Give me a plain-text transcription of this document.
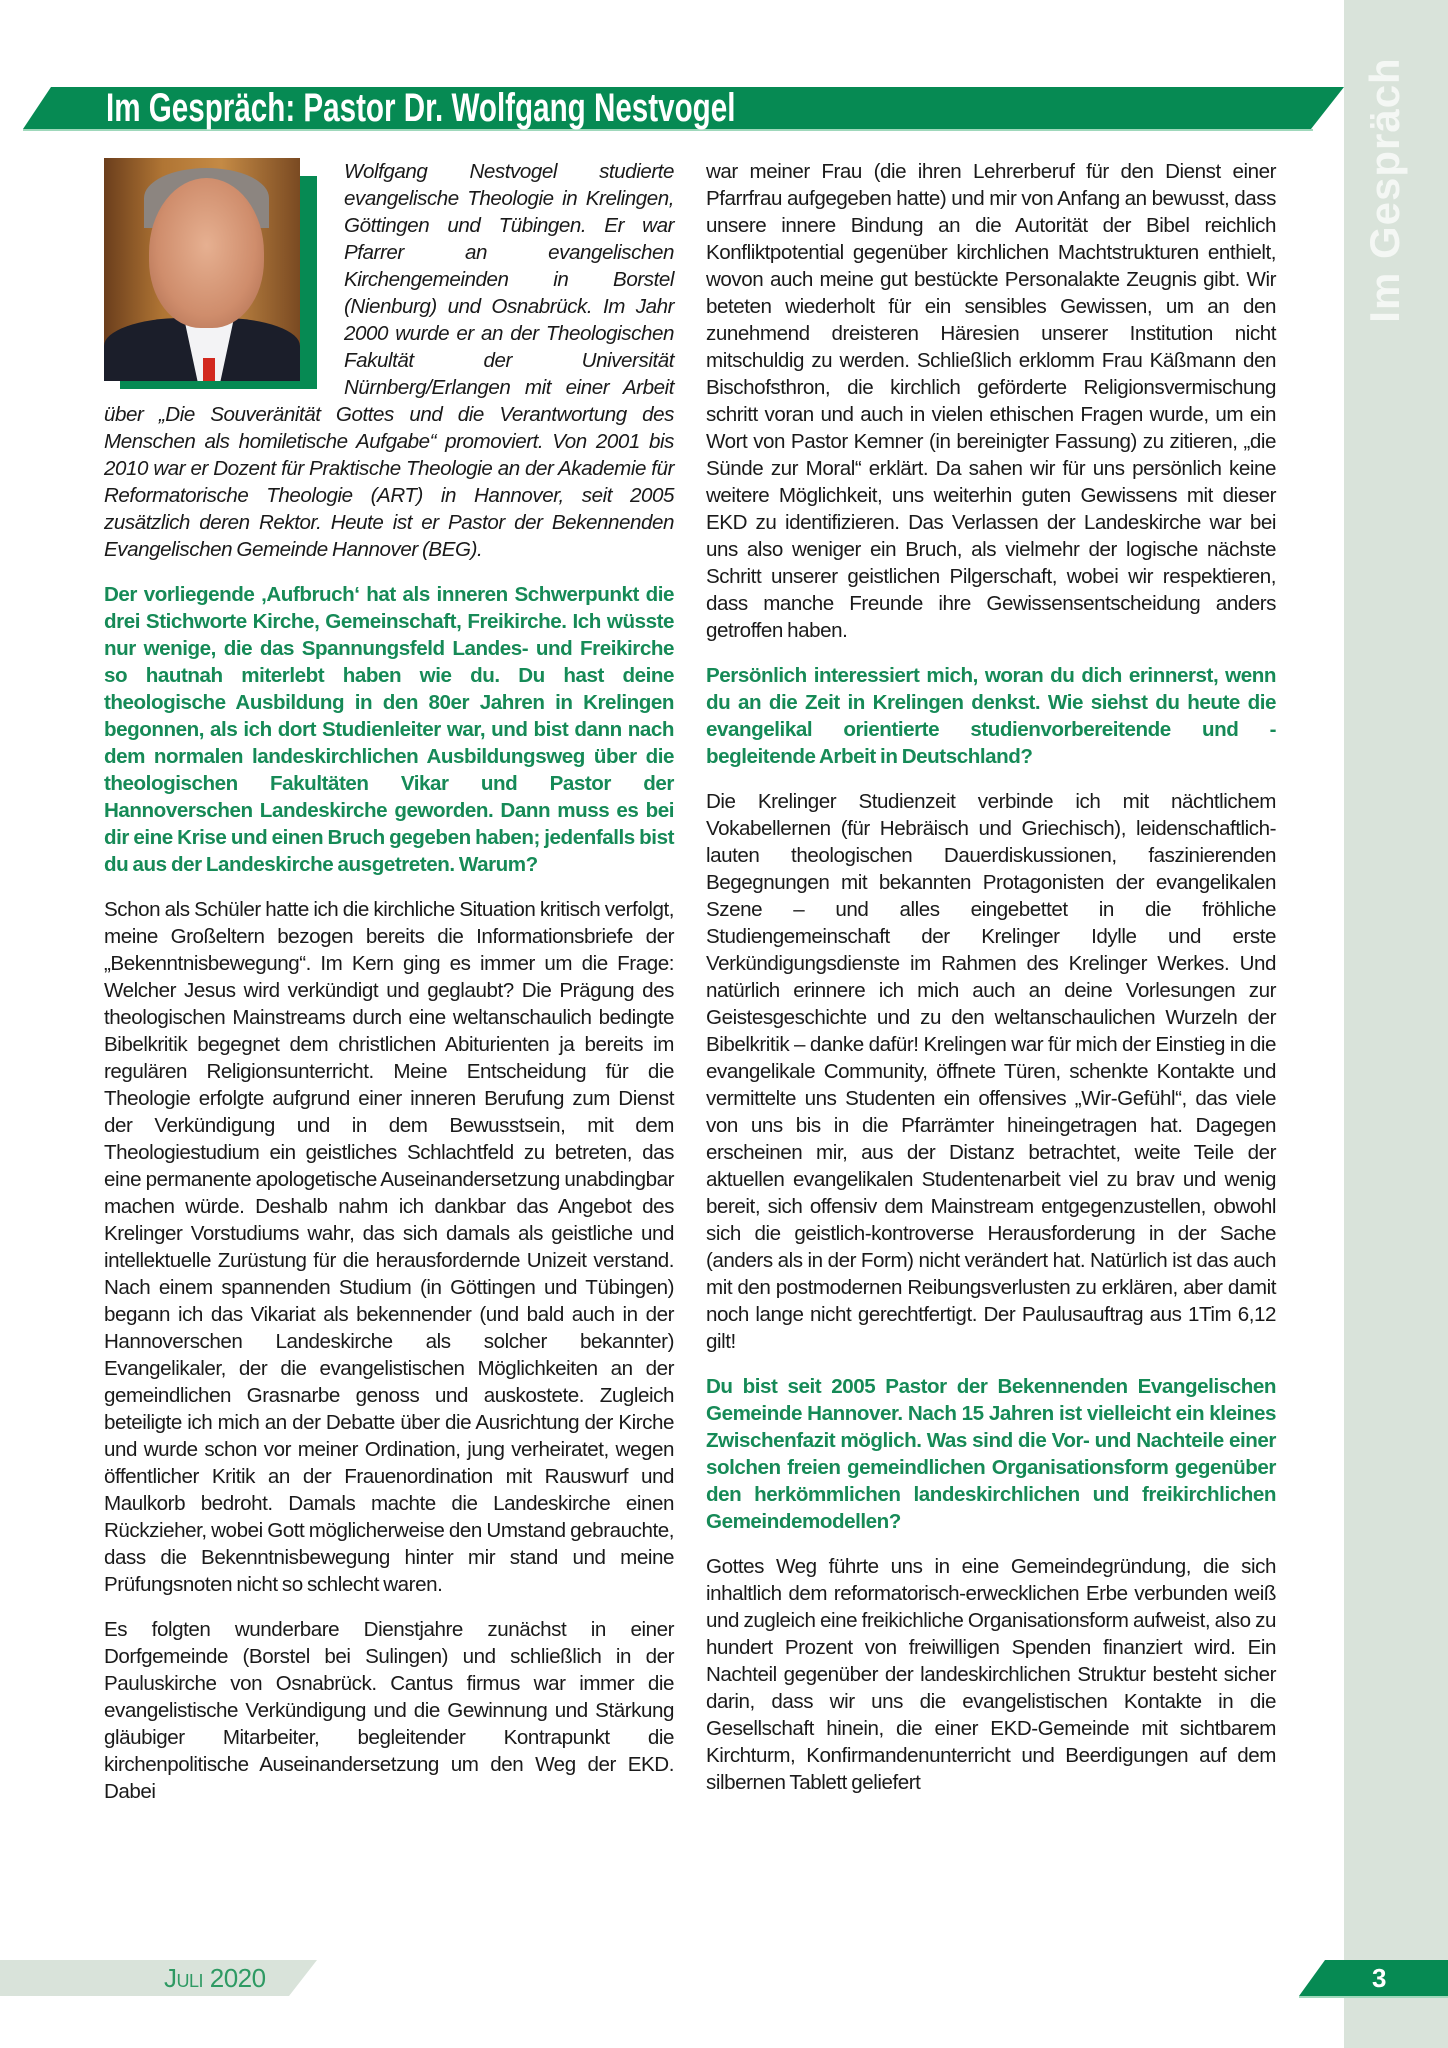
Im Gespräch
Im Gespräch: Pastor Dr. Wolfgang Nestvogel

Wolfgang Nestvogel studierte evangelische Theologie in Krelingen, Göttingen und Tübingen. Er war Pfarrer an evangelischen Kirchengemeinden in Borstel (Nienburg) und Osnabrück. Im Jahr 2000 wurde er an der Theologischen Fakultät der Universität Nürnberg/Erlangen mit einer Arbeit über „Die Souveränität Gottes und die Verantwortung des Menschen als homiletische Aufgabe“ promoviert. Von 2001 bis 2010 war er Dozent für Praktische Theologie an der Akademie für Reformatorische Theologie (ART) in Hannover, seit 2005 zusätzlich deren Rektor. Heute ist er Pastor der Bekennenden Evangelischen Gemeinde Hannover (BEG).

Der vorliegende ‚Aufbruch‘ hat als inneren Schwerpunkt die drei Stichworte Kirche, Gemeinschaft, Freikirche. Ich wüsste nur wenige, die das Spannungsfeld Landes- und Freikirche so hautnah miterlebt haben wie du. Du hast deine theologische Ausbildung in den 80er Jahren in Krelingen begonnen, als ich dort Studienleiter war, und bist dann nach dem normalen landeskirchlichen Ausbildungsweg über die theologischen Fakultäten Vikar und Pastor der Hannoverschen Landeskirche geworden. Dann muss es bei dir eine Krise und einen Bruch gegeben haben; jedenfalls bist du aus der Landeskirche ausgetreten. Warum?

Schon als Schüler hatte ich die kirchliche Situation kritisch verfolgt, meine Großeltern bezogen bereits die Informationsbriefe der „Bekenntnisbewegung“. Im Kern ging es immer um die Frage: Welcher Jesus wird verkündigt und geglaubt? Die Prägung des theologischen Mainstreams durch eine weltanschaulich bedingte Bibelkritik begegnet dem christlichen Abiturienten ja bereits im regulären Religionsunterricht. Meine Entscheidung für die Theologie erfolgte aufgrund einer inneren Berufung zum Dienst der Verkündigung und in dem Bewusstsein, mit dem Theologiestudium ein geistliches Schlachtfeld zu betreten, das eine permanente apologetische Auseinandersetzung unabdingbar machen würde. Deshalb nahm ich dankbar das Angebot des Krelinger Vorstudiums wahr, das sich damals als geistliche und intellektuelle Zurüstung für die herausfordernde Unizeit verstand. Nach einem spannenden Studium (in Göttingen und Tübingen) begann ich das Vikariat als bekennender (und bald auch in der Hannoverschen Landeskirche als solcher bekannter) Evangelikaler, der die evangelistischen Möglichkeiten an der gemeindlichen Grasnarbe genoss und auskostete. Zugleich beteiligte ich mich an der Debatte über die Ausrichtung der Kirche und wurde schon vor meiner Ordination, jung verheiratet, wegen öffentlicher Kritik an der Frauenordination mit Rauswurf und Maulkorb bedroht. Damals machte die Landeskirche einen Rückzieher, wobei Gott möglicherweise den Umstand gebrauchte, dass die Bekenntnisbewegung hinter mir stand und meine Prüfungsnoten nicht so schlecht waren.

Es folgten wunderbare Dienstjahre zunächst in einer Dorfgemeinde (Borstel bei Sulingen) und schließlich in der Pauluskirche von Osnabrück. Cantus firmus war immer die evangelistische Verkündigung und die Gewinnung und Stärkung gläubiger Mitarbeiter, begleitender Kontrapunkt die kirchenpolitische Auseinandersetzung um den Weg der EKD. Dabei

war meiner Frau (die ihren Lehrerberuf für den Dienst einer Pfarrfrau aufgegeben hatte) und mir von Anfang an bewusst, dass unsere innere Bindung an die Autorität der Bibel reichlich Konfliktpotential gegenüber kirchlichen Machtstrukturen enthielt, wovon auch meine gut bestückte Personalakte Zeugnis gibt. Wir beteten wiederholt für ein sensibles Gewissen, um an den zunehmend dreisteren Häresien unserer Institution nicht mitschuldig zu werden. Schließlich erklomm Frau Käßmann den Bischofsthron, die kirchlich geförderte Religionsvermischung schritt voran und auch in vielen ethischen Fragen wurde, um ein Wort von Pastor Kemner (in bereinigter Fassung) zu zitieren, „die Sünde zur Moral“ erklärt. Da sahen wir für uns persönlich keine weitere Möglichkeit, uns weiterhin guten Gewissens mit dieser EKD zu identifizieren. Das Verlassen der Landeskirche war bei uns also weniger ein Bruch, als vielmehr der logische nächste Schritt unserer geistlichen Pilgerschaft, wobei wir respektieren, dass manche Freunde ihre Gewissensentscheidung anders getroffen haben.

Persönlich interessiert mich, woran du dich erinnerst, wenn du an die Zeit in Krelingen denkst. Wie siehst du heute die evangelikal orientierte studienvorbereitende und -begleitende Arbeit in Deutschland?

Die Krelinger Studienzeit verbinde ich mit nächtlichem Vokabellernen (für Hebräisch und Griechisch), leidenschaftlich-lauten theologischen Dauerdiskussionen, faszinierenden Begegnungen mit bekannten Protagonisten der evangelikalen Szene – und alles eingebettet in die fröhliche Studiengemeinschaft der Krelinger Idylle und erste Verkündigungsdienste im Rahmen des Krelinger Werkes. Und natürlich erinnere ich mich auch an deine Vorlesungen zur Geistesgeschichte und zu den weltanschaulichen Wurzeln der Bibelkritik – danke dafür! Krelingen war für mich der Einstieg in die evangelikale Community, öffnete Türen, schenkte Kontakte und vermittelte uns Studenten ein offensives „Wir-Gefühl“, das viele von uns bis in die Pfarrämter hineingetragen hat. Dagegen erscheinen mir, aus der Distanz betrachtet, weite Teile der aktuellen evangelikalen Studentenarbeit viel zu brav und wenig bereit, sich offensiv dem Mainstream entgegenzustellen, obwohl sich die geistlich-kontroverse Herausforderung in der Sache (anders als in der Form) nicht verändert hat. Natürlich ist das auch mit den postmodernen Reibungsverlusten zu erklären, aber damit noch lange nicht gerechtfertigt. Der Paulusauftrag aus 1Tim 6,12 gilt!

Du bist seit 2005 Pastor der Bekennenden Evangelischen Gemeinde Hannover. Nach 15 Jahren ist vielleicht ein kleines Zwischenfazit möglich. Was sind die Vor- und Nachteile einer solchen freien gemeindlichen Organisationsform gegenüber den herkömmlichen landeskirchlichen und freikirchlichen Gemeindemodellen?

Gottes Weg führte uns in eine Gemeindegründung, die sich inhaltlich dem reformatorisch-erwecklichen Erbe verbunden weiß und zugleich eine freikichliche Organisationsform aufweist, also zu hundert Prozent von freiwilligen Spenden finanziert wird. Ein Nachteil gegenüber der landeskirchlichen Struktur besteht sicher darin, dass wir uns die evangelistischen Kontakte in die Gesellschaft hinein, die einer EKD-Gemeinde mit sichtbarem Kirchturm, Konfirmandenunterricht und Beerdigungen auf dem silbernen Tablett geliefert

Juli 2020	3
